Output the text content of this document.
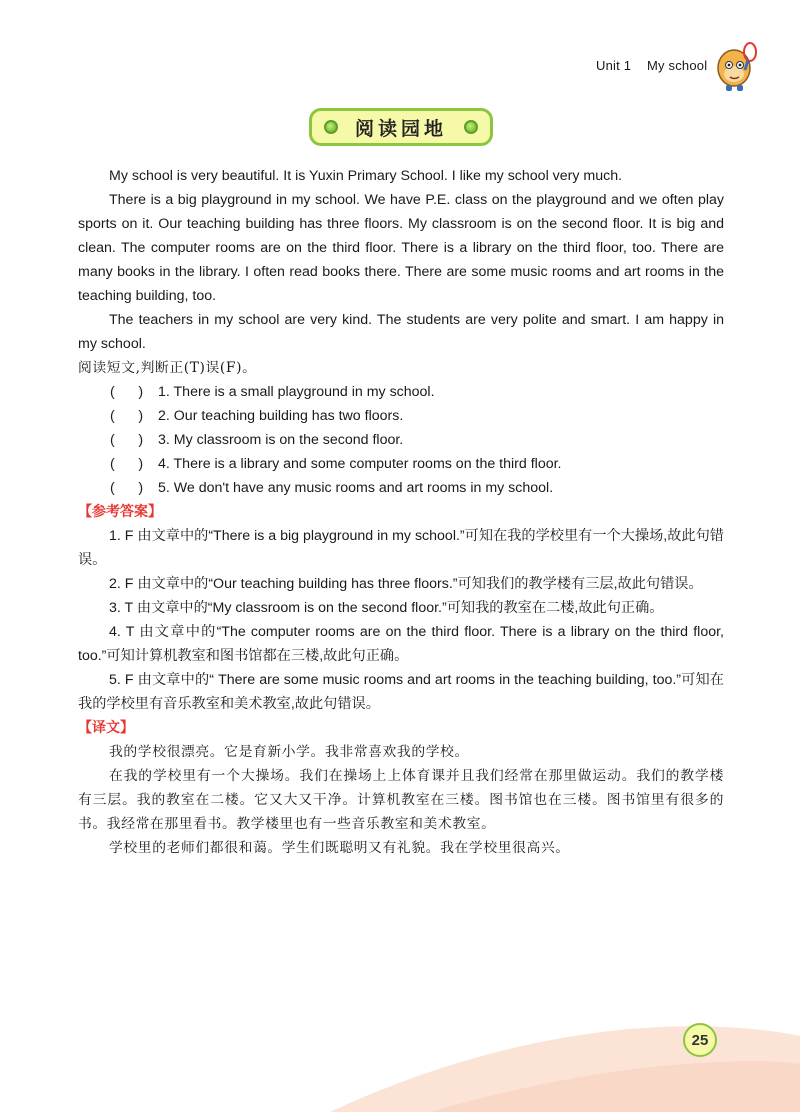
Unit 1 My school
阅读园地

My school is very beautiful. It is Yuxin Primary School. I like my school very much.

There is a big playground in my school. We have P.E. class on the playground and we often play sports on it. Our teaching building has three floors. My classroom is on the second floor. It is big and clean. The computer rooms are on the third floor. There is a library on the third floor, too. There are many books in the library. I often read books there. There are some music rooms and art rooms in the teaching building, too.

The teachers in my school are very kind. The students are very polite and smart. I am happy in my school.

阅读短文,判断正(T)误(F)。

(      ) 1. There is a small playground in my school.

(      ) 2. Our teaching building has two floors.

(      ) 3. My classroom is on the second floor.

(      ) 4. There is a library and some computer rooms on the third floor.

(      ) 5. We don't have any music rooms and art rooms in my school.

【参考答案】

1. F 由文章中的“There is a big playground in my school.”可知在我的学校里有一个大操场,故此句错误。

2. F 由文章中的“Our teaching building has three floors.”可知我们的教学楼有三层,故此句错误。

3. T 由文章中的“My classroom is on the second floor.”可知我的教室在二楼,故此句正确。

4. T 由文章中的“The computer rooms are on the third floor. There is a library on the third floor, too.”可知计算机教室和图书馆都在三楼,故此句正确。

5. F 由文章中的“ There are some music rooms and art rooms in the teaching building, too.”可知在我的学校里有音乐教室和美术教室,故此句错误。

【译文】

我的学校很漂亮。它是育新小学。我非常喜欢我的学校。

在我的学校里有一个大操场。我们在操场上上体育课并且我们经常在那里做运动。我们的教学楼有三层。我的教室在二楼。它又大又干净。计算机教室在三楼。图书馆也在三楼。图书馆里有很多的书。我经常在那里看书。教学楼里也有一些音乐教室和美术教室。

学校里的老师们都很和蔼。学生们既聪明又有礼貌。我在学校里很高兴。

25
